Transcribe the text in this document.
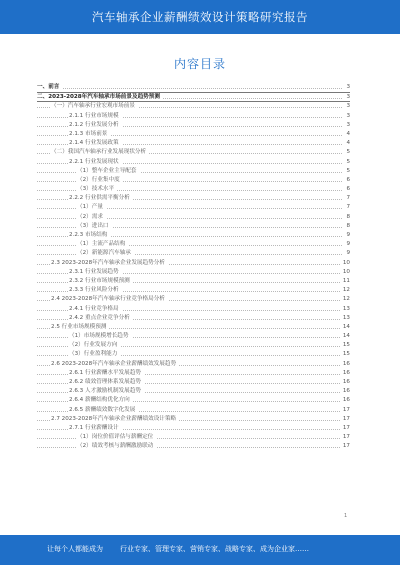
汽车轴承企业薪酬绩效设计策略研究报告
内容目录
一、前言	3
二、2023-2028年汽车轴承市场前景及趋势预测	3
（一）汽车轴承行业宏观市场前景	3
2.1.1 行业市场规模	3
2.1.2 行业发展分析	3
2.1.3 市场前景	4
2.1.4 行业发展政策	4
（二）我国汽车轴承行业发展现状分析	5
2.2.1 行业发展现状	5
（1）整车企业主导配套	5
（2）行业集中度	6
（3）技术水平	6
2.2.2 行业供需平衡分析	7
（1）产量	7
（2）需求	8
（3）进出口	8
2.2.3 市场结构	9
（1）主流产品结构	9
（2）新能源汽车轴承	9
2.3 2023-2028年汽车轴承企业发展趋势分析	10
2.3.1 行业发展趋势	10
2.3.2 行业市场规模预测	11
2.3.3 行业风险分析	12
2.4 2023-2028年汽车轴承行业竞争格局分析	12
2.4.1 行业竞争格局	13
2.4.2 重点企业竞争分析	13
2.5 行业市场规模预测	14
（1）市场规模增长趋势	14
（2）行业发展方向	15
（3）行业盈利能力	15
2.6 2023-2028年汽车轴承企业薪酬绩效发展趋势	16
2.6.1 行业薪酬水平发展趋势	16
2.6.2 绩效管理体系发展趋势	16
2.6.3 人才激励机制发展趋势	16
2.6.4 薪酬结构优化方向	16
2.6.5 薪酬绩效数字化发展	17
2.7 2023-2028年汽车轴承企业薪酬绩效设计策略	17
2.7.1 行业薪酬设计	17
（1）岗位价值评估与薪酬定位	17
（2）绩效考核与薪酬激励联动	17
1
让每个人都能成为 行业专家、管理专家、营销专家、战略专家、成为企业家……
